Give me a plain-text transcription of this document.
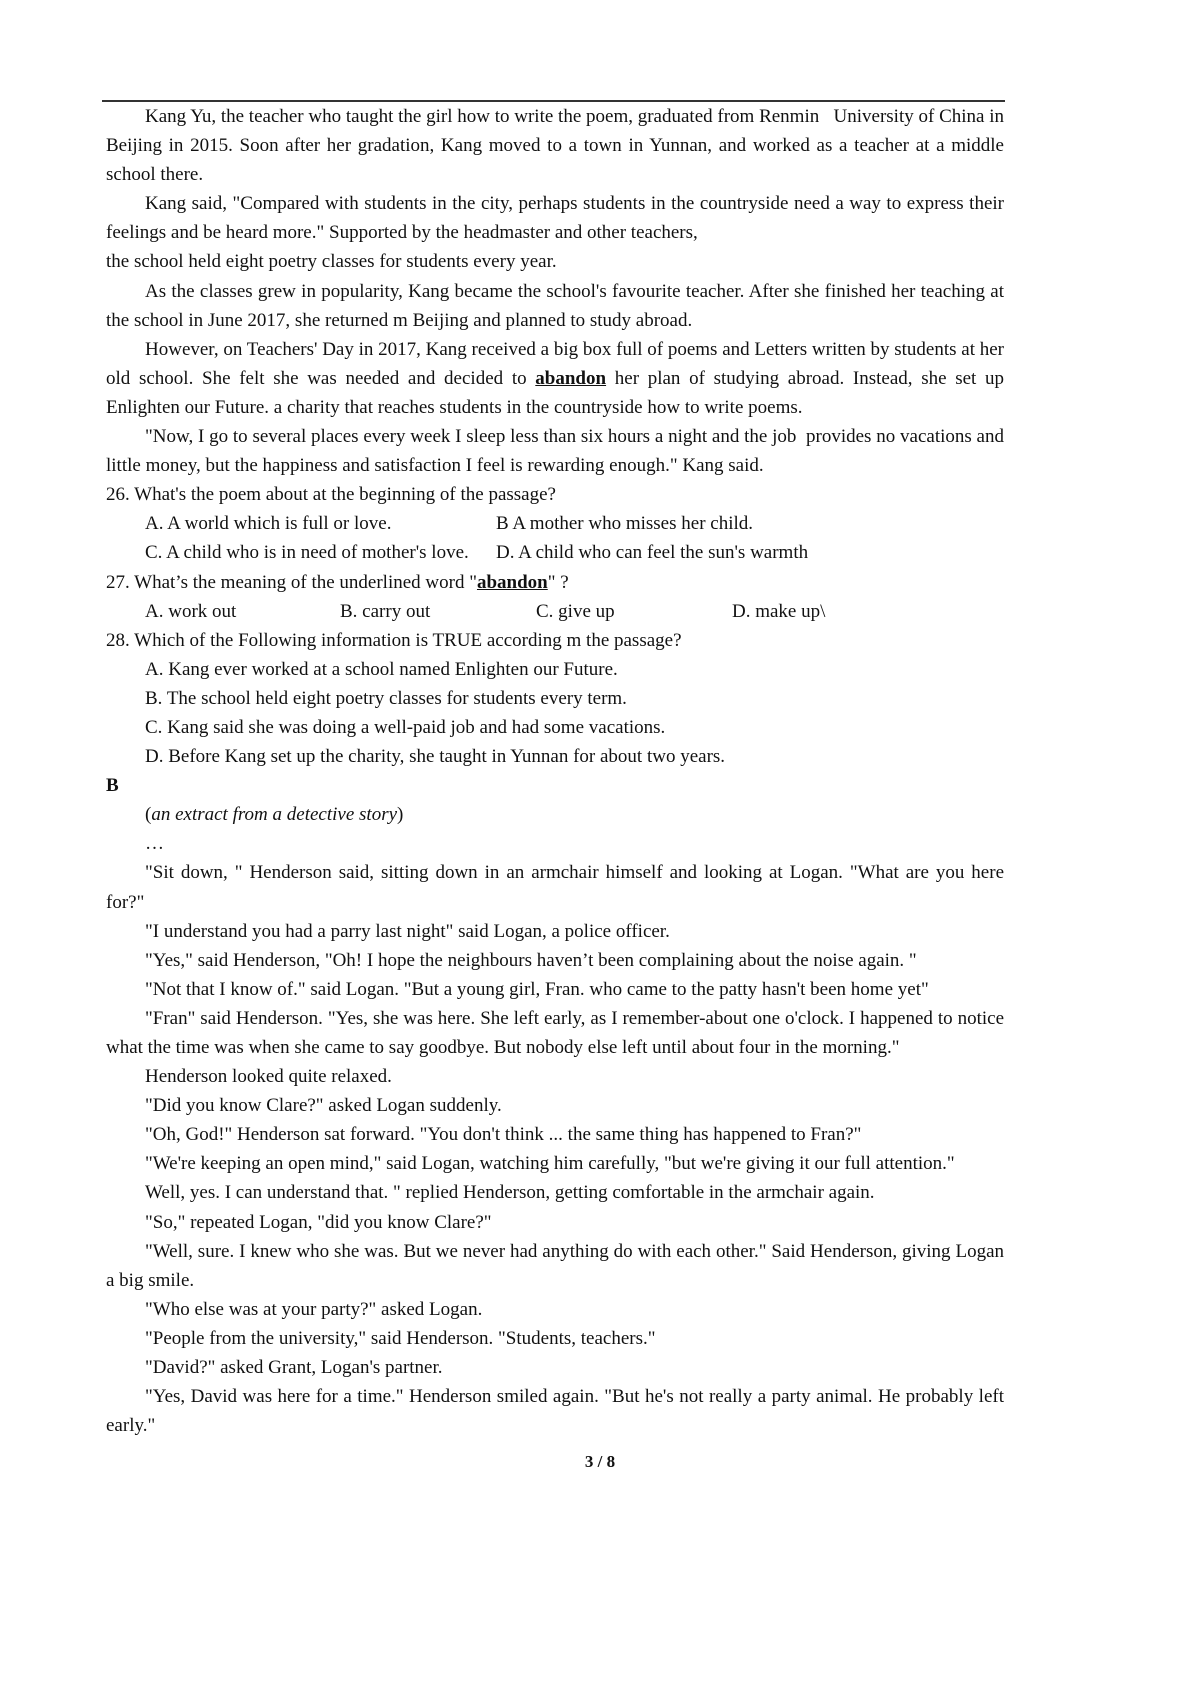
Kang Yu, the teacher who taught the girl how to write the poem, graduated from Renmin   University of China in Beijing in 2015. Soon after her gradation, Kang moved to a town in Yunnan, and worked as a teacher at a middle school there.

Kang said, "Compared with students in the city, perhaps students in the countryside need a way to express their feelings and be heard more." Supported by the headmaster and other teachers,

the school held eight poetry classes for students every year.

As the classes grew in popularity, Kang became the school's favourite teacher. After she finished her teaching at the school in June 2017, she returned m Beijing and planned to study abroad.

However, on Teachers' Day in 2017, Kang received a big box full of poems and Letters written by students at her old school. She felt she was needed and decided to abandon her plan of studying abroad. Instead, she set up Enlighten our Future. a charity that reaches students in the countryside how to write poems.

"Now, I go to several places every week I sleep less than six hours a night and the job  provides no vacations and little money, but the happiness and satisfaction I feel is rewarding enough." Kang said.

26. What's the poem about at the beginning of the passage?

A. A world which is full or love.	B A mother who misses her child.
C. A child who is in need of mother's love.	D. A child who can feel the sun's warmth

27. What’s the meaning of the underlined word "abandon" ?

A. work out	B. carry out	C. give up	D. make up\

28. Which of the Following information is TRUE according m the passage?

A. Kang ever worked at a school named Enlighten our Future.

B. The school held eight poetry classes for students every term.

C. Kang said she was doing a well-paid job and had some vacations.

D. Before Kang set up the charity, she taught in Yunnan for about two years.

B

(an extract from a detective story)

…

"Sit down, " Henderson said, sitting down in an armchair himself and looking at Logan. "What are you here for?"

"I understand you had a parry last night" said Logan, a police officer.

"Yes," said Henderson, "Oh! I hope the neighbours haven’t been complaining about the noise again. "

"Not that I know of." said Logan. "But a young girl, Fran. who came to the patty hasn't been home yet"

"Fran" said Henderson. "Yes, she was here. She left early, as I remember-about one o'clock. I happened to notice what the time was when she came to say goodbye. But nobody else left until about four in the morning."

Henderson looked quite relaxed.

"Did you know Clare?" asked Logan suddenly.

"Oh, God!" Henderson sat forward. "You don't think ... the same thing has happened to Fran?"

"We're keeping an open mind," said Logan, watching him carefully, "but we're giving it our full attention."

Well, yes. I can understand that. " replied Henderson, getting comfortable in the armchair again.

"So," repeated Logan, "did you know Clare?"

"Well, sure. I knew who she was. But we never had anything do with each other." Said Henderson, giving Logan a big smile.

"Who else was at your party?" asked Logan.

"People from the university," said Henderson. "Students, teachers."

"David?" asked Grant, Logan's partner.

"Yes, David was here for a time." Henderson smiled again. "But he's not really a party animal. He probably left early."

3 / 8
